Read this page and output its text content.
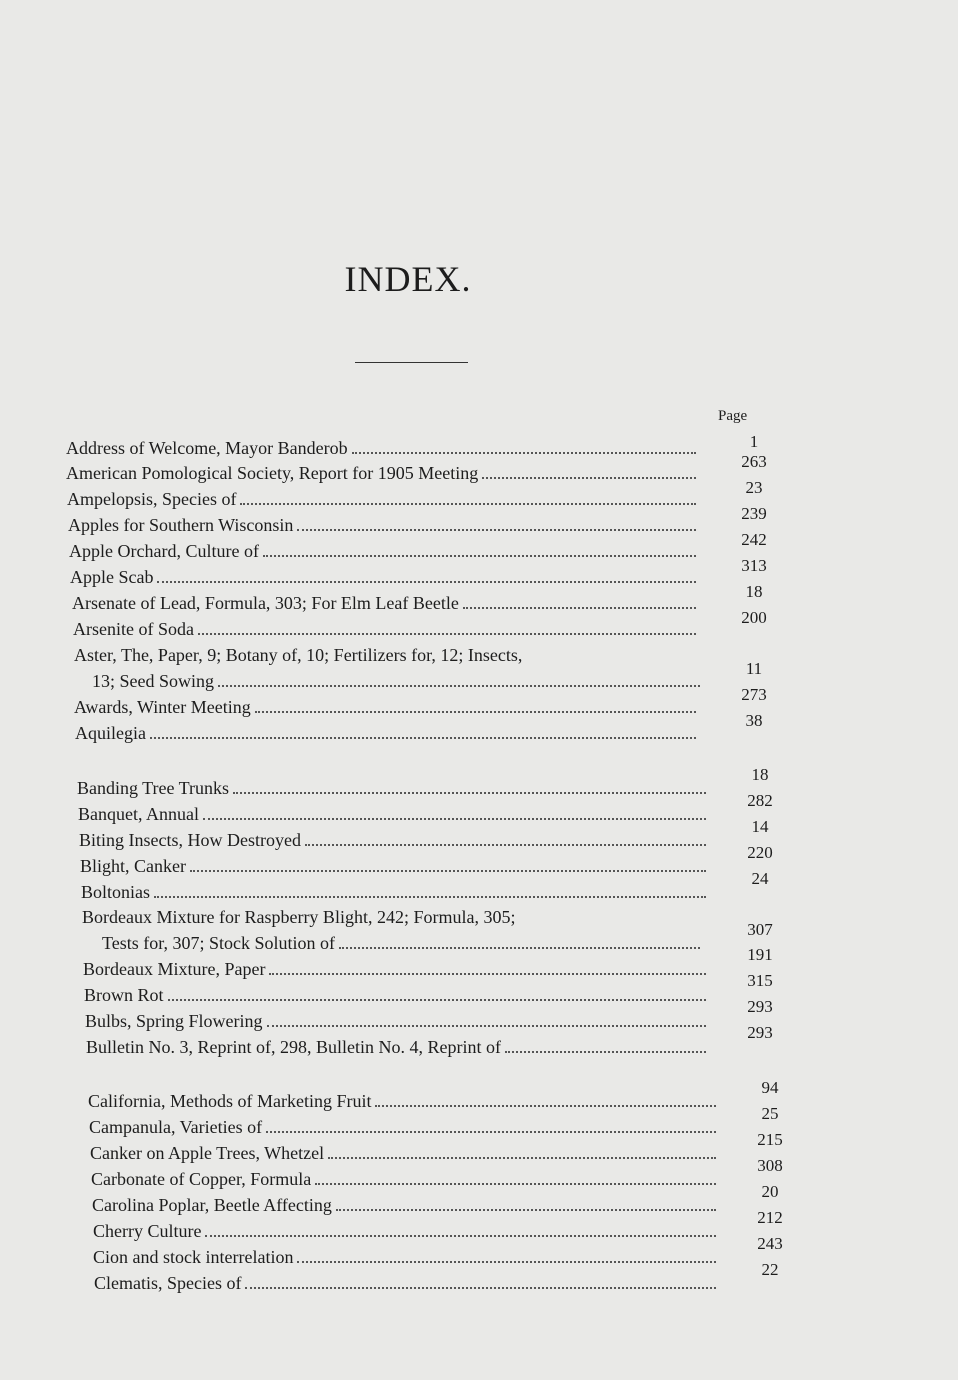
INDEX.
Page
Address of Welcome, Mayor Banderob	1
American Pomological Society, Report for 1905 Meeting
263
Ampelopsis, Species of
23
Apples for Southern Wisconsin
239
Apple Orchard, Culture of
242
Apple Scab
313
Arsenate of Lead, Formula, 303; For Elm Leaf Beetle
18
Arsenite of Soda
200
Aster, The, Paper, 9; Botany of, 10; Fertilizers for, 12; Insects,
13; Seed Sowing
11
Awards, Winter Meeting
273
Aquilegia
38
Banding Tree Trunks
18
Banquet, Annual
282
Biting Insects, How Destroyed
14
Blight, Canker
220
Boltonias
24
Bordeaux Mixture for Raspberry Blight, 242; Formula, 305;
Tests for, 307; Stock Solution of
307
Bordeaux Mixture, Paper
191
Brown Rot
315
Bulbs, Spring Flowering
293
Bulletin No. 3, Reprint of, 298, Bulletin No. 4, Reprint of
293
California, Methods of Marketing Fruit
94
Campanula, Varieties of
25
Canker on Apple Trees, Whetzel
215
Carbonate of Copper, Formula
308
Carolina Poplar, Beetle Affecting
20
Cherry Culture
212
Cion and stock interrelation
243
Clematis, Species of
22
